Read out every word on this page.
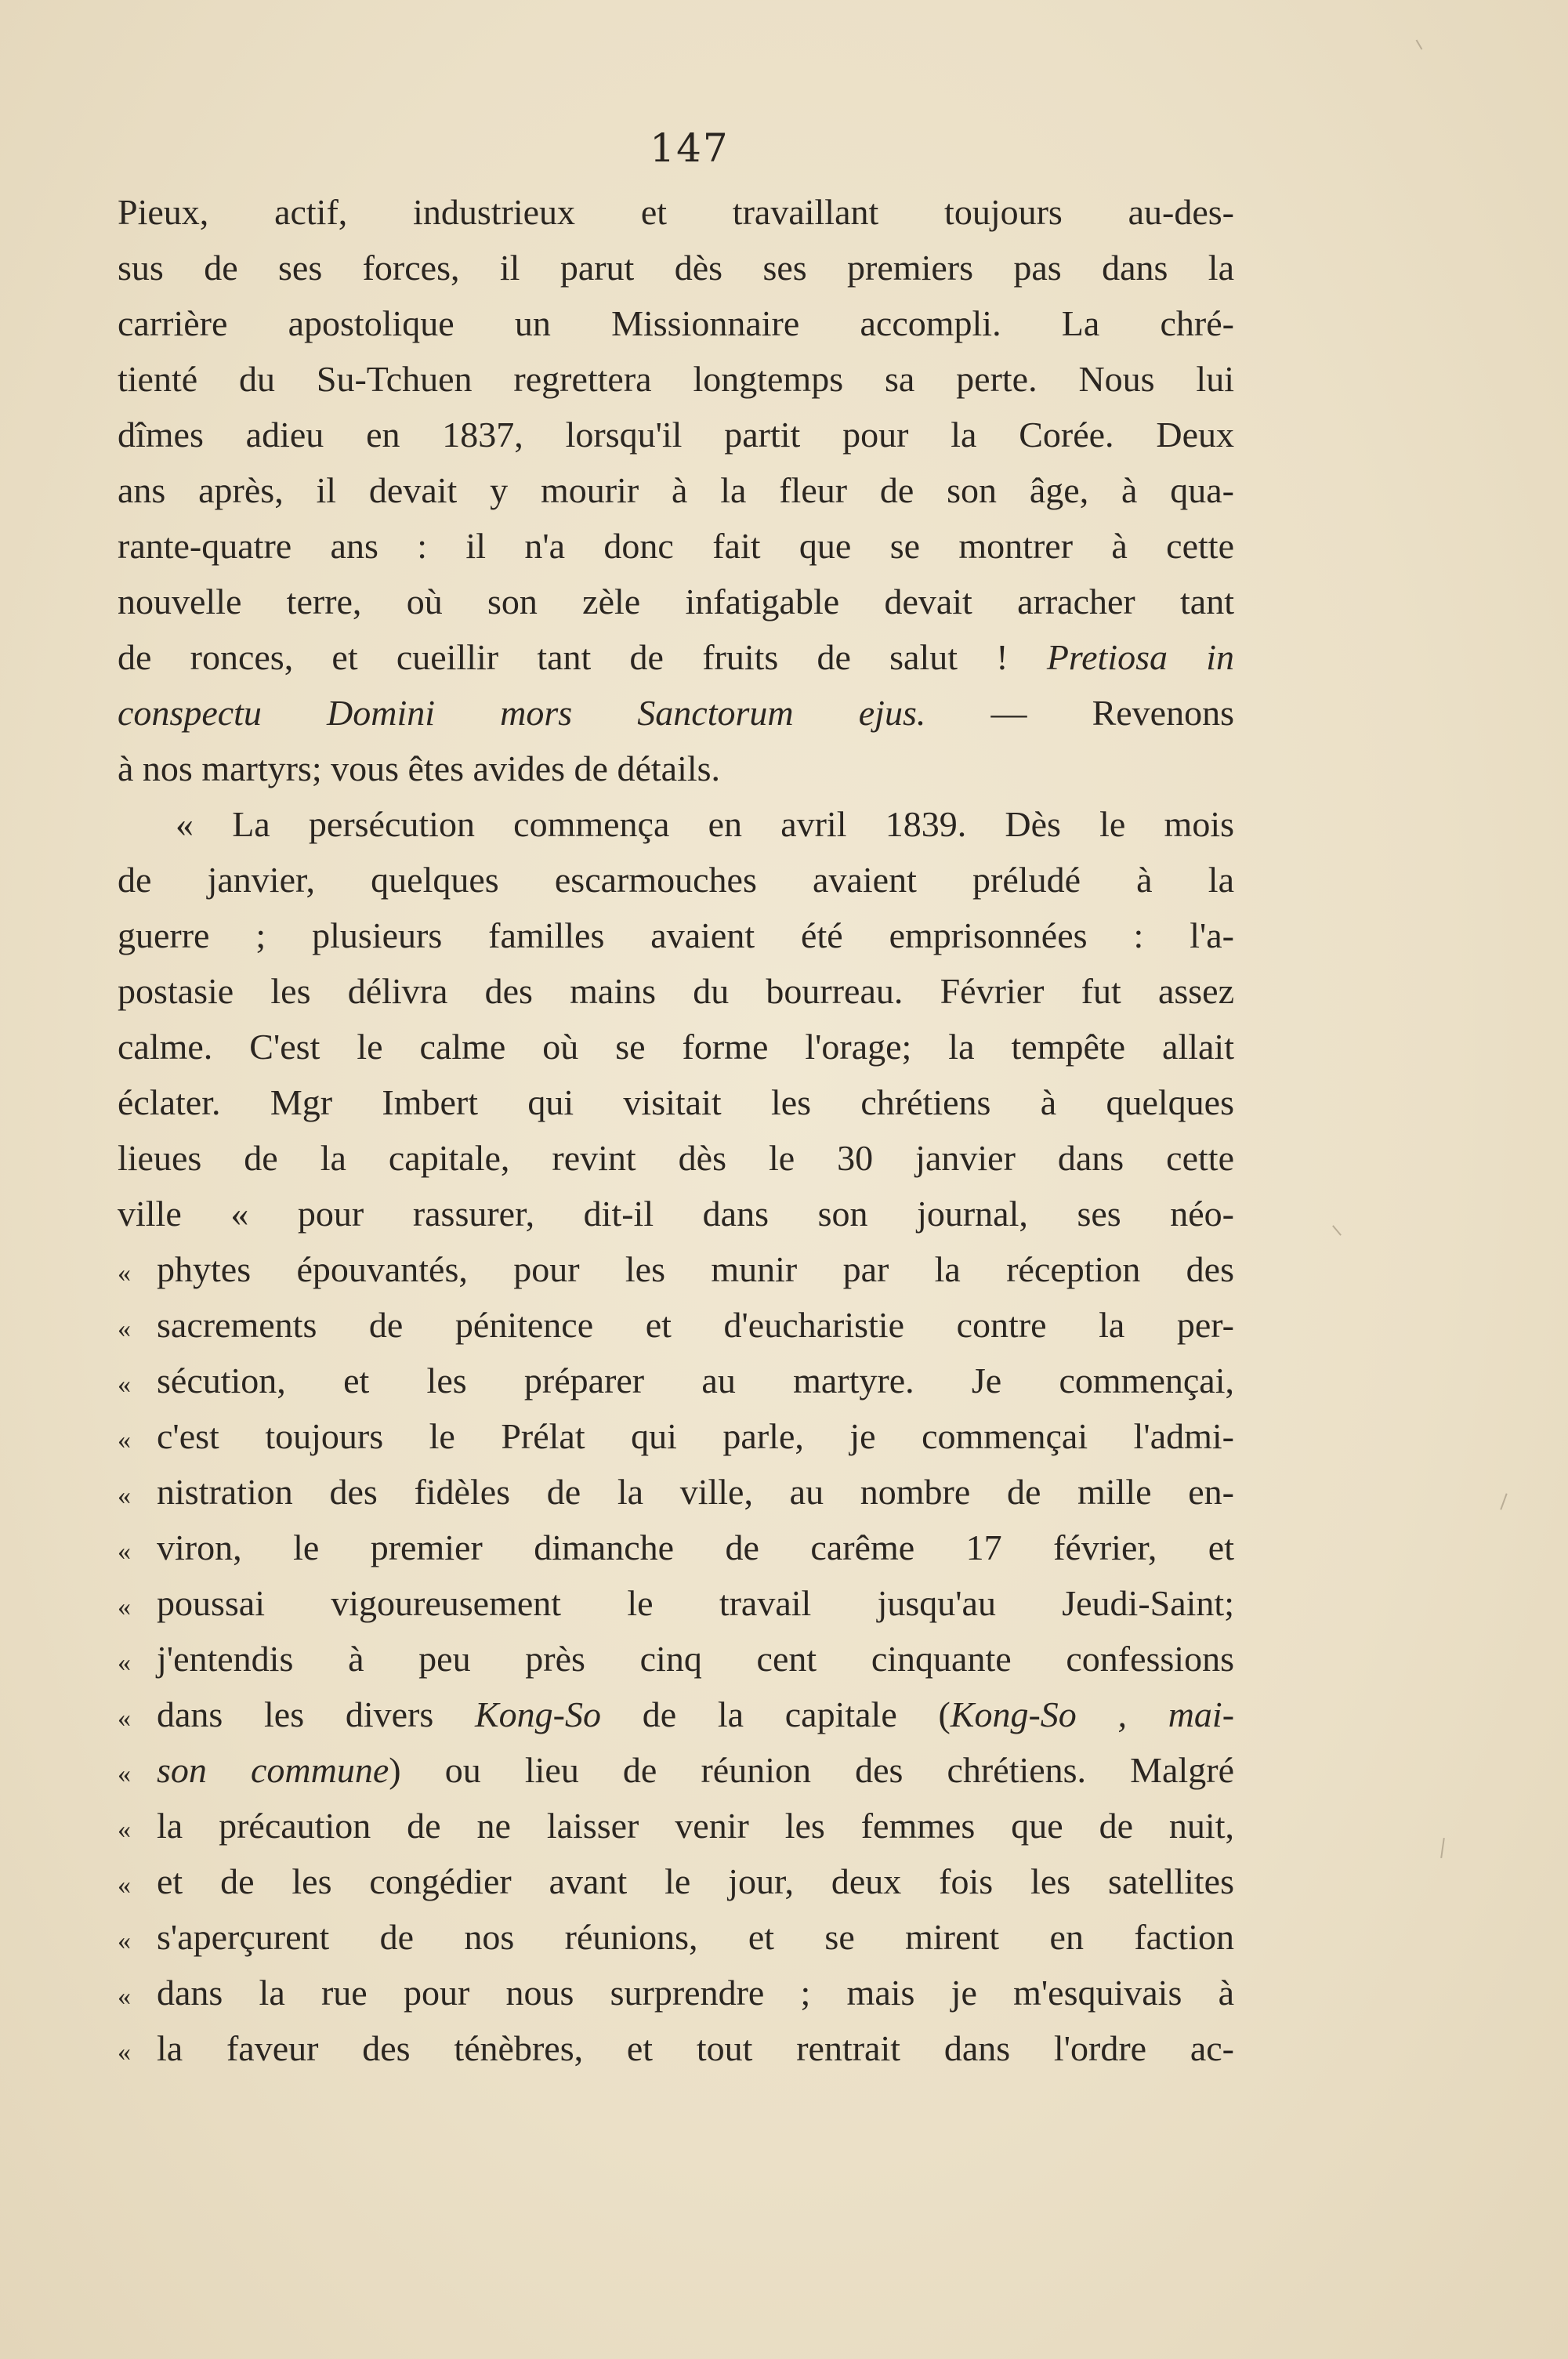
147
Pieux, actif, industrieux et travaillant toujours au-des-
sus de ses forces, il parut dès ses premiers pas dans la
carrière apostolique un Missionnaire accompli. La chré-
tienté du Su-Tchuen regrettera longtemps sa perte. Nous lui
dîmes adieu en 1837, lorsqu'il partit pour la Corée. Deux
ans après, il devait y mourir à la fleur de son âge, à qua-
rante-quatre ans : il n'a donc fait que se montrer à cette
nouvelle terre, où son zèle infatigable devait arracher tant
de ronces, et cueillir tant de fruits de salut ! Pretiosa in
conspectu Domini mors Sanctorum ejus. — Revenons
à nos martyrs; vous êtes avides de détails.
« La persécution commença en avril 1839. Dès le mois
de janvier, quelques escarmouches avaient préludé à la
guerre ; plusieurs familles avaient été emprisonnées : l'a-
postasie les délivra des mains du bourreau. Février fut assez
calme. C'est le calme où se forme l'orage; la tempête allait
éclater. Mgr Imbert qui visitait les chrétiens à quelques
lieues de la capitale, revint dès le 30 janvier dans cette
ville « pour rassurer, dit-il dans son journal, ses néo-
« phytes épouvantés, pour les munir par la réception des
« sacrements de pénitence et d'eucharistie contre la per-
« sécution, et les préparer au martyre. Je commençai,
« c'est toujours le Prélat qui parle, je commençai l'admi-
« nistration des fidèles de la ville, au nombre de mille en-
« viron, le premier dimanche de carême 17 février, et
« poussai vigoureusement le travail jusqu'au Jeudi-Saint;
« j'entendis à peu près cinq cent cinquante confessions
« dans les divers Kong-So de la capitale (Kong-So , mai-
« son commune) ou lieu de réunion des chrétiens. Malgré
« la précaution de ne laisser venir les femmes que de nuit,
« et de les congédier avant le jour, deux fois les satellites
« s'aperçurent de nos réunions, et se mirent en faction
« dans la rue pour nous surprendre ; mais je m'esquivais à
« la faveur des ténèbres, et tout rentrait dans l'ordre ac-
